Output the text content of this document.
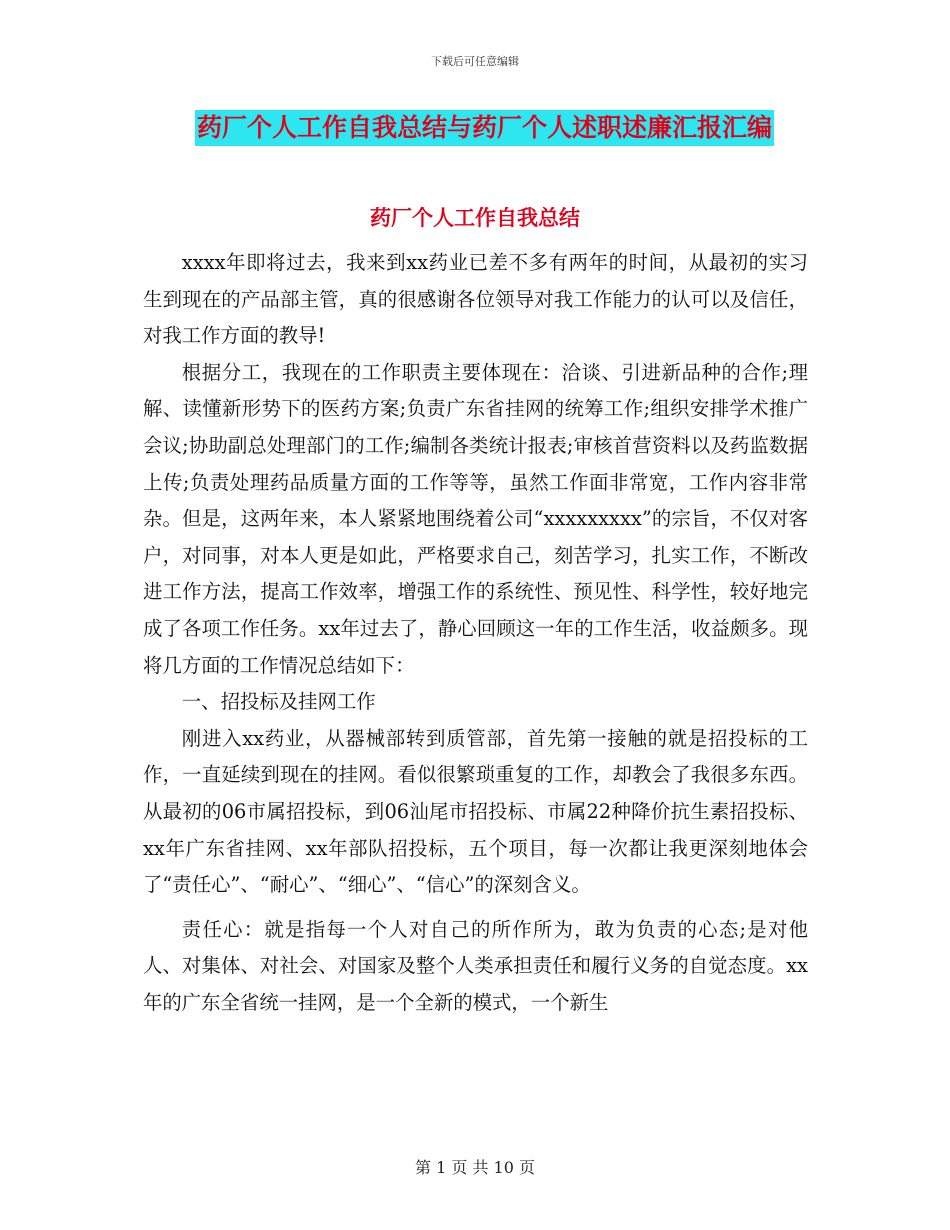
下载后可任意编辑
药厂个人工作自我总结与药厂个人述职述廉汇报汇编
药厂个人工作自我总结

xxxx年即将过去，我来到xx药业已差不多有两年的时间，从最初的实习生到现在的产品部主管，真的很感谢各位领导对我工作能力的认可以及信任，对我工作方面的教导!

根据分工，我现在的工作职责主要体现在：洽谈、引进新品种的合作;理解、读懂新形势下的医药方案;负责广东省挂网的统筹工作;组织安排学术推广会议;协助副总处理部门的工作;编制各类统计报表;审核首营资料以及药监数据上传;负责处理药品质量方面的工作等等，虽然工作面非常宽，工作内容非常杂。但是，这两年来，本人紧紧地围绕着公司“xxxxxxxxx”的宗旨，不仅对客户，对同事，对本人更是如此，严格要求自己，刻苦学习，扎实工作，不断改进工作方法，提高工作效率，增强工作的系统性、预见性、科学性，较好地完成了各项工作任务。xx年过去了，静心回顾这一年的工作生活，收益颇多。现将几方面的工作情况总结如下：

一、招投标及挂网工作

刚进入xx药业，从器械部转到质管部，首先第一接触的就是招投标的工作，一直延续到现在的挂网。看似很繁琐重复的工作，却教会了我很多东西。从最初的06市属招投标，到06汕尾市招投标、市属22种降价抗生素招投标、xx年广东省挂网、xx年部队招投标，五个项目，每一次都让我更深刻地体会了“责任心”、“耐心”、“细心”、“信心”的深刻含义。

责任心：就是指每一个人对自己的所作所为，敢为负责的心态;是对他人、对集体、对社会、对国家及整个人类承担责任和履行义务的自觉态度。xx年的广东全省统一挂网，是一个全新的模式，一个新生

第 1 页 共 10 页
